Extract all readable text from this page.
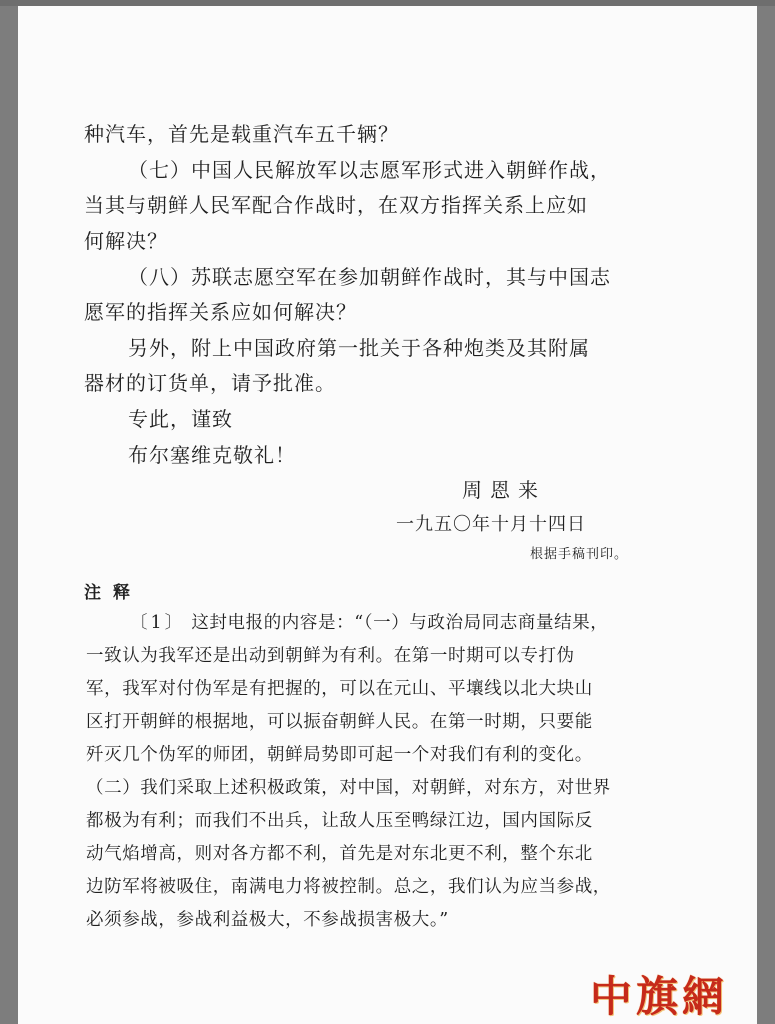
种汽车，首先是载重汽车五千辆？
（七）中国人民解放军以志愿军形式进入朝鲜作战，
当其与朝鲜人民军配合作战时，在双方指挥关系上应如
何解决？
（八）苏联志愿空军在参加朝鲜作战时，其与中国志
愿军的指挥关系应如何解决？
另外，附上中国政府第一批关于各种炮类及其附属
器材的订货单，请予批准。
专此，谨致
布尔塞维克敬礼！
周恩来
一九五〇年十月十四日
根据手稿刊印。
注释
〔1〕 这封电报的内容是：“（一）与政治局同志商量结果，
一致认为我军还是出动到朝鲜为有利。在第一时期可以专打伪
军，我军对付伪军是有把握的，可以在元山、平壤线以北大块山
区打开朝鲜的根据地，可以振奋朝鲜人民。在第一时期，只要能
歼灭几个伪军的师团，朝鲜局势即可起一个对我们有利的变化。
（二）我们采取上述积极政策，对中国，对朝鲜，对东方，对世界
都极为有利；而我们不出兵，让敌人压至鸭绿江边，国内国际反
动气焰增高，则对各方都不利，首先是对东北更不利，整个东北
边防军将被吸住，南满电力将被控制。总之，我们认为应当参战，
必须参战，参战利益极大，不参战损害极大。”
中旗網
